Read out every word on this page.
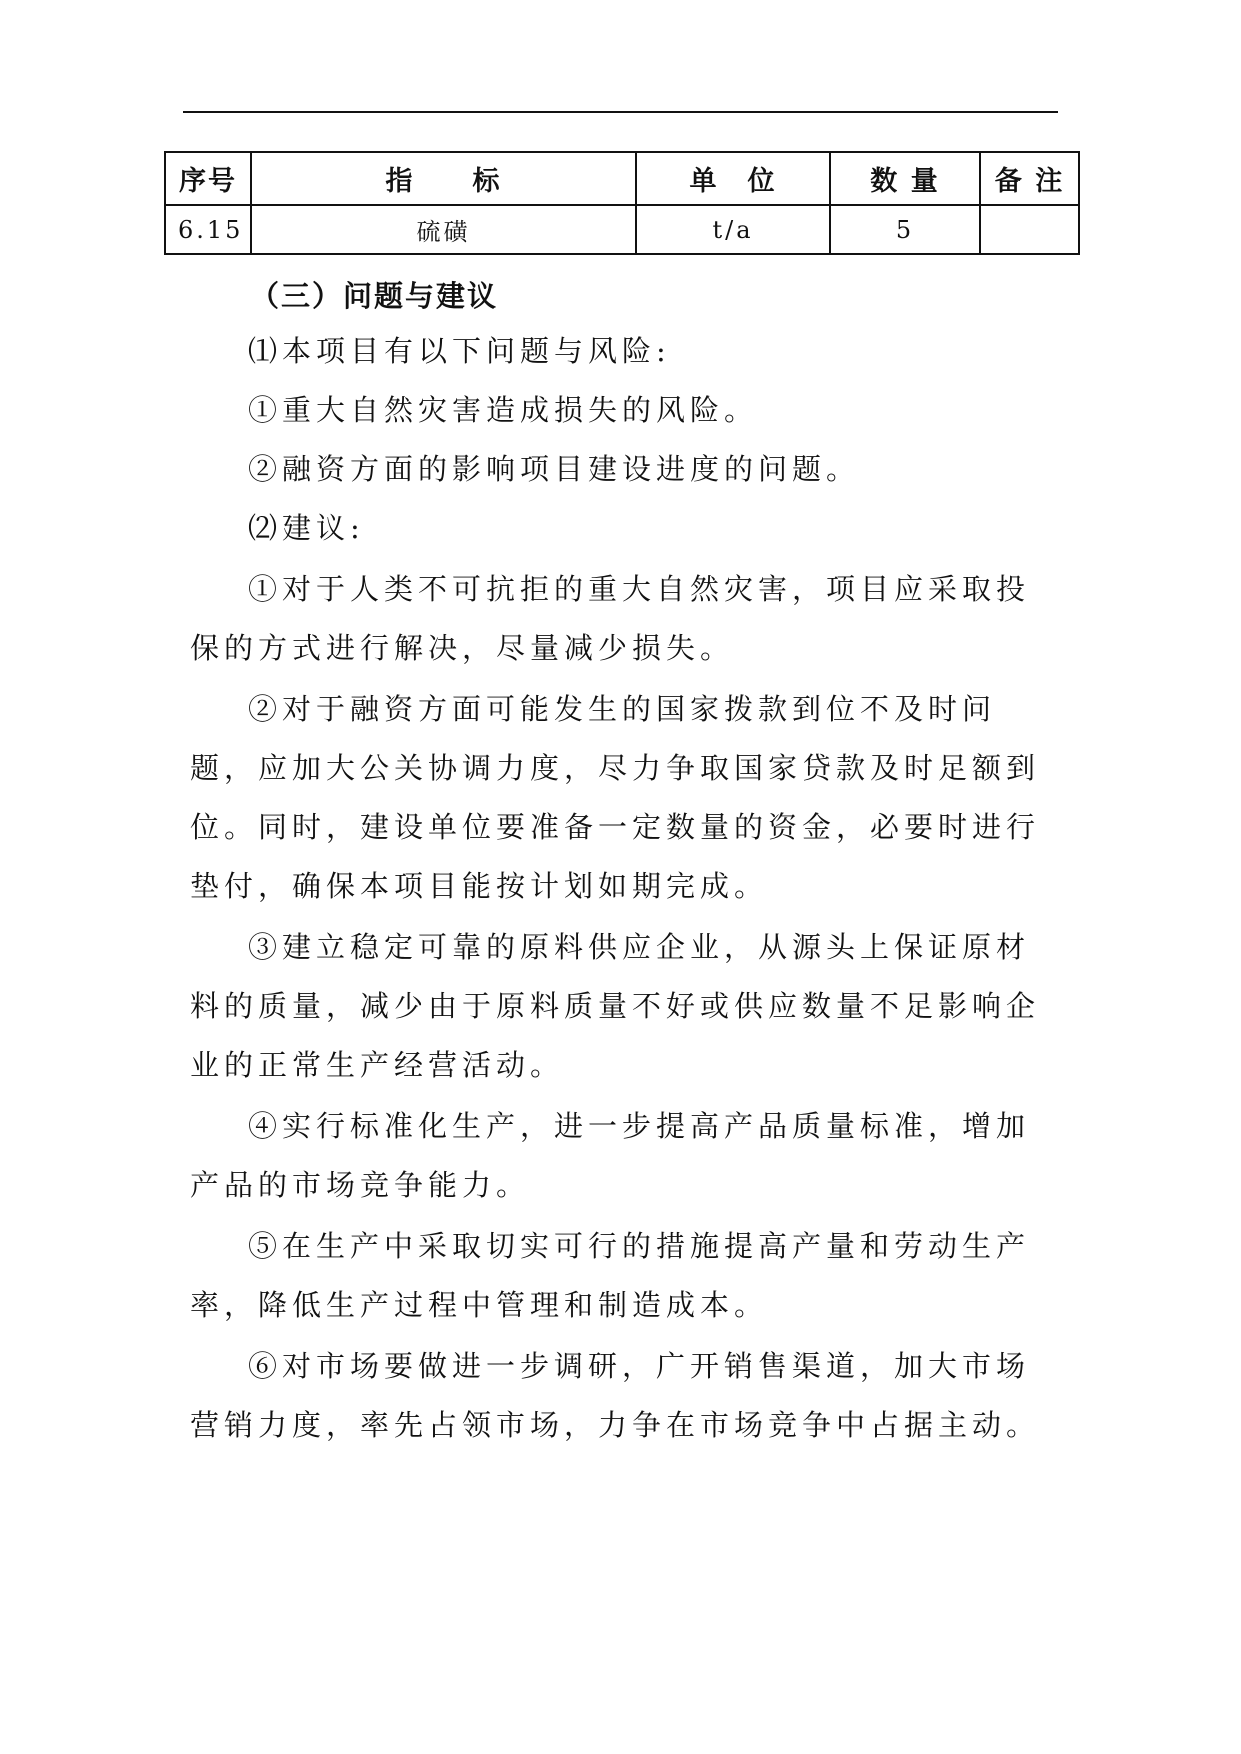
序号	指　　标	单　位	数 量	备 注
6.15	硫磺	t/a	5	
（三）问题与建议

⑴本项目有以下问题与风险:

①重大自然灾害造成损失的风险。

②融资方面的影响项目建设进度的问题。

⑵建议:

①对于人类不可抗拒的重大自然灾害，项目应采取投保的方式进行解决，尽量减少损失。

②对于融资方面可能发生的国家拨款到位不及时问题，应加大公关协调力度，尽力争取国家贷款及时足额到位。同时，建设单位要准备一定数量的资金，必要时进行垫付，确保本项目能按计划如期完成。

③建立稳定可靠的原料供应企业，从源头上保证原材料的质量，减少由于原料质量不好或供应数量不足影响企业的正常生产经营活动。

④实行标准化生产，进一步提高产品质量标准，增加产品的市场竞争能力。

⑤在生产中采取切实可行的措施提高产量和劳动生产率，降低生产过程中管理和制造成本。

⑥对市场要做进一步调研，广开销售渠道，加大市场营销力度，率先占领市场，力争在市场竞争中占据主动。
